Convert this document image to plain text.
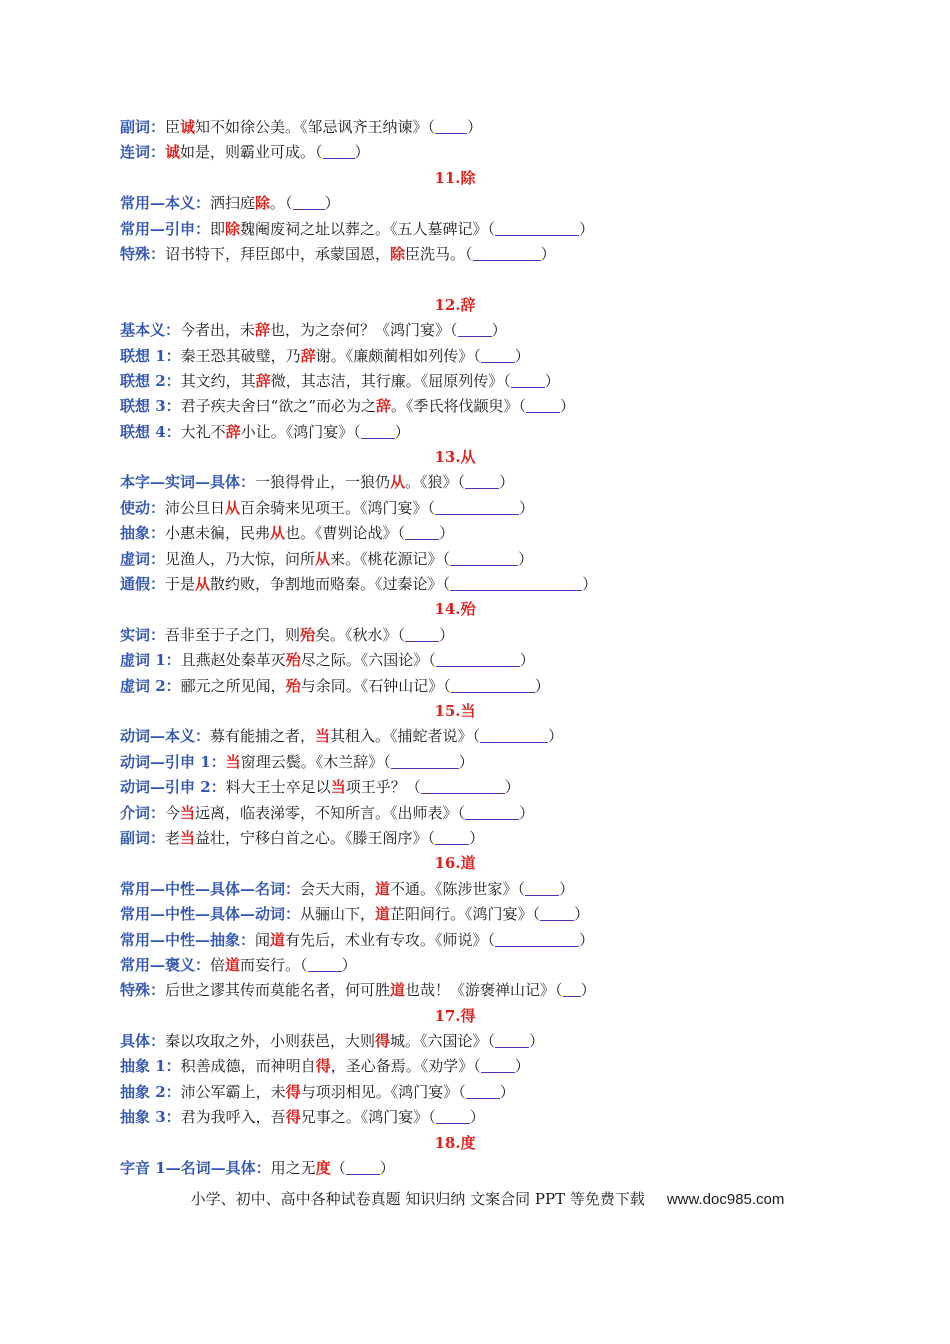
副词：臣诚知不如徐公美。《邹忌讽齐王纳谏》（ ）
连词：诚如是，则霸业可成。（ ）
11.除
常用—本义：洒扫庭除。（ ）
常用—引申：即除魏阉废祠之址以葬之。《五人墓碑记》（	）
特殊：诏书特下，拜臣郎中，承蒙国恩，除臣洗马。（	）
12.辞
基本义：今者出，未辞也，为之奈何？《鸿门宴》（ ）
联想 1：秦王恐其破璧，乃辞谢。《廉颇蔺相如列传》（ ）
联想 2：其文约，其辞微，其志洁，其行廉。《屈原列传》（ ）
联想 3：君子疾夫舍曰“欲之”而必为之辞。《季氏将伐颛臾》（ ）
联想 4：大礼不辞小让。《鸿门宴》（ ）
13.从
本字—实词—具体：一狼得骨止，一狼仍从。《狼》（ ）
使动：沛公旦日从百余骑来见项王。《鸿门宴》（	）
抽象：小惠未徧，民弗从也。《曹刿论战》（ ）
虚词：见渔人，乃大惊，问所从来。《桃花源记》（	）
通假：于是从散约败，争割地而赂秦。《过秦论》（	）
14.殆
实词：吾非至于子之门，则殆矣。《秋水》（ ）
虚词 1：且燕赵处秦革灭殆尽之际。《六国论》（	）
虚词 2：郦元之所见闻，殆与余同。《石钟山记》（	）
15.当
动词—本义：募有能捕之者，当其租入。《捕蛇者说》（	）
动词—引申 1：当窗理云鬓。《木兰辞》（	）
动词—引申 2：料大王士卒足以当项王乎？（	）
介词：今当远离，临表涕零，不知所言。《出师表》（	）
副词：老当益壮，宁移白首之心。《滕王阁序》（ ）
16.道
常用—中性—具体—名词：会天大雨，道不通。《陈涉世家》（ ）
常用—中性—具体—动词：从骊山下，道芷阳间行。《鸿门宴》（ ）
常用—中性—抽象：闻道有先后，术业有专攻。《师说》（	）
常用—褒义：倍道而妄行。（ ）
特殊：后世之谬其传而莫能名者，何可胜道也哉！《游褒禅山记》（ ）
17.得
具体：秦以攻取之外，小则获邑，大则得城。《六国论》（ ）
抽象 1：积善成德，而神明自得，圣心备焉。《劝学》（ ）
抽象 2：沛公军霸上，未得与项羽相见。《鸿门宴》（ ）
抽象 3：君为我呼入，吾得兄事之。《鸿门宴》（ ）
18.度
字音 1—名词—具体：用之无度（ ）
小学、初中、高中各种试卷真题 知识归纳 文案合同 PPT 等免费下载 www.doc985.com
